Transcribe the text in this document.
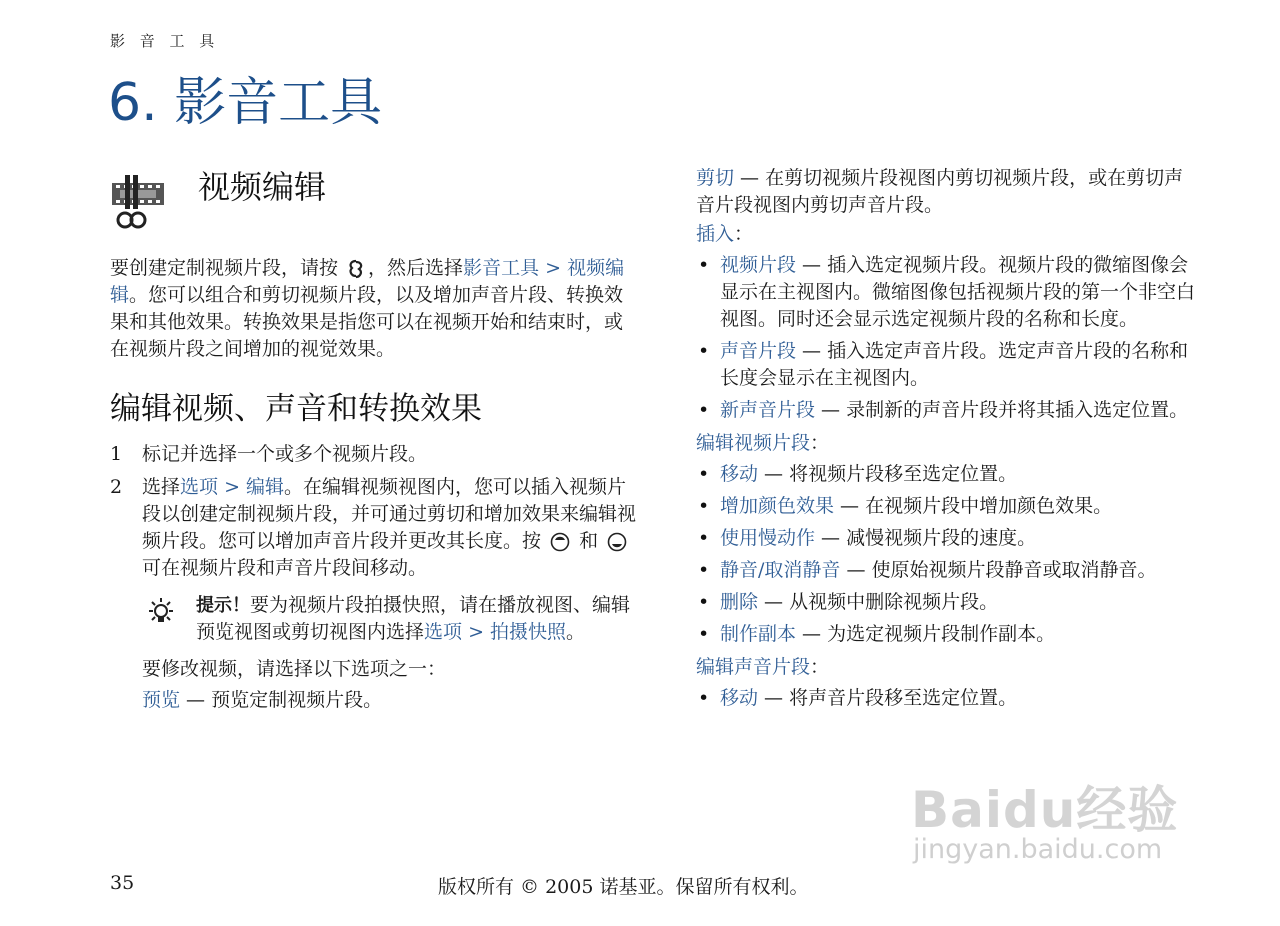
影 音 工 具
6. 影音工具
视频编辑

要创建定制视频片段，请按 ，然后选择影音工具 > 视频编辑。您可以组合和剪切视频片段，以及增加声音片段、转换效果和其他效果。转换效果是指您可以在视频开始和结束时，或在视频片段之间增加的视觉效果。

编辑视频、声音和转换效果
1 标记并选择一个或多个视频片段。
2 选择选项 > 编辑。在编辑视频视图内，您可以插入视频片段以创建定制视频片段，并可通过剪切和增加效果来编辑视频片段。您可以增加声音片段并更改其长度。按  和  可在视频片段和声音片段间移动。

提示！要为视频片段拍摄快照，请在播放视图、编辑预览视图或剪切视图内选择选项 > 拍摄快照。

要修改视频，请选择以下选项之一：

预览 — 预览定制视频片段。

剪切 — 在剪切视频片段视图内剪切视频片段，或在剪切声音片段视图内剪切声音片段。

插入：

• 视频片段 — 插入选定视频片段。视频片段的微缩图像会显示在主视图内。微缩图像包括视频片段的第一个非空白视图。同时还会显示选定视频片段的名称和长度。
• 声音片段 — 插入选定声音片段。选定声音片段的名称和长度会显示在主视图内。
• 新声音片段 — 录制新的声音片段并将其插入选定位置。

编辑视频片段：

• 移动 — 将视频片段移至选定位置。
• 增加颜色效果 — 在视频片段中增加颜色效果。
• 使用慢动作 — 减慢视频片段的速度。
• 静音/取消静音 — 使原始视频片段静音或取消静音。
• 删除 — 从视频中删除视频片段。
• 制作副本 — 为选定视频片段制作副本。

编辑声音片段：

• 移动 — 将声音片段移至选定位置。
Baidu经验
jingyan.baidu.com
35	版权所有 © 2005 诺基亚。保留所有权利。
